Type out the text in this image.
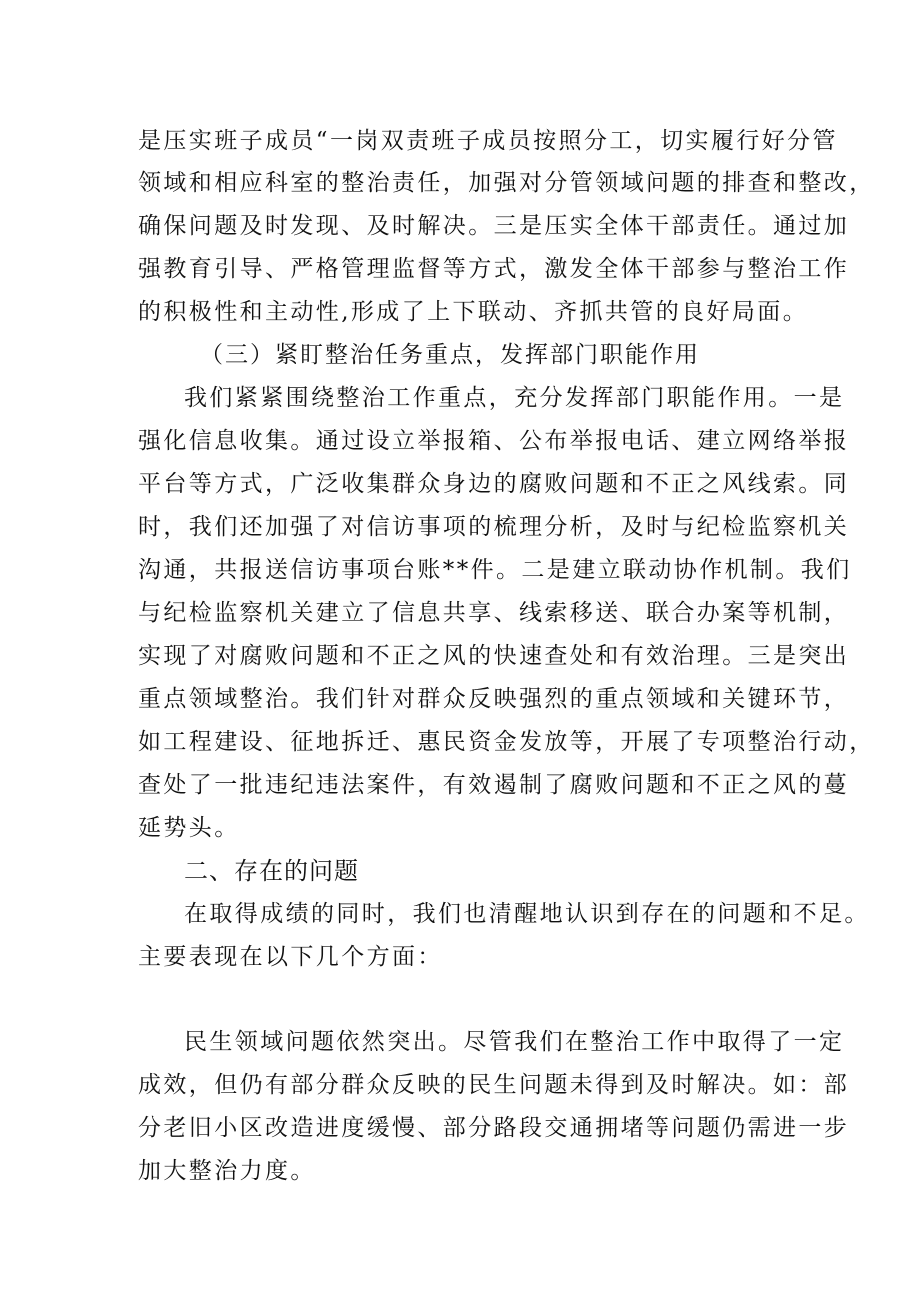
是压实班子成员“一岗双责班子成员按照分工，切实履行好分管
领域和相应科室的整治责任，加强对分管领域问题的排查和整改，
确保问题及时发现、及时解决。三是压实全体干部责任。通过加
强教育引导、严格管理监督等方式，激发全体干部参与整治工作
的积极性和主动性,形成了上下联动、齐抓共管的良好局面。
（三）紧盯整治任务重点，发挥部门职能作用
我们紧紧围绕整治工作重点，充分发挥部门职能作用。一是
强化信息收集。通过设立举报箱、公布举报电话、建立网络举报
平台等方式，广泛收集群众身边的腐败问题和不正之风线索。同
时，我们还加强了对信访事项的梳理分析，及时与纪检监察机关
沟通，共报送信访事项台账**件。二是建立联动协作机制。我们
与纪检监察机关建立了信息共享、线索移送、联合办案等机制，
实现了对腐败问题和不正之风的快速查处和有效治理。三是突出
重点领域整治。我们针对群众反映强烈的重点领域和关键环节，
如工程建设、征地拆迁、惠民资金发放等，开展了专项整治行动，
查处了一批违纪违法案件，有效遏制了腐败问题和不正之风的蔓
延势头。
二、存在的问题
在取得成绩的同时，我们也清醒地认识到存在的问题和不足。
主要表现在以下几个方面：
民生领域问题依然突出。尽管我们在整治工作中取得了一定
成效，但仍有部分群众反映的民生问题未得到及时解决。如：部
分老旧小区改造进度缓慢、部分路段交通拥堵等问题仍需进一步
加大整治力度。
